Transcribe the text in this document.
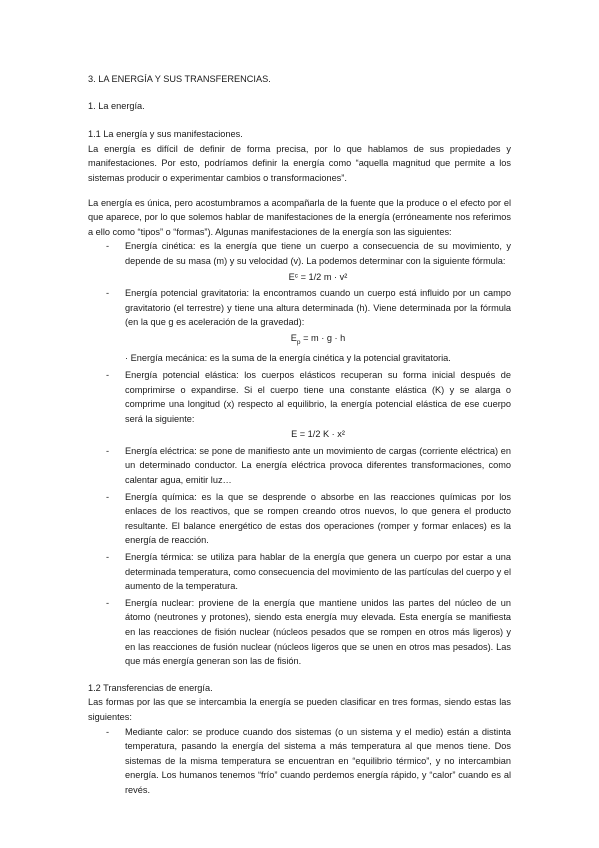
3. LA ENERGÍA Y SUS TRANSFERENCIAS.

1. La energía.

1.1 La energía y sus manifestaciones.

La energía es difícil de definir de forma precisa, por lo que hablamos de sus propiedades y manifestaciones. Por esto, podríamos definir la energía como “aquella magnitud que permite a los sistemas producir o experimentar cambios o transformaciones”.

La energía es única, pero acostumbramos a acompañarla de la fuente que la produce o el efecto por el que aparece, por lo que solemos hablar de manifestaciones de la energía (erróneamente nos referimos a ello como “tipos” o “formas”). Algunas manifestaciones de la energía son las siguientes:

- Energía cinética: es la energía que tiene un cuerpo a consecuencia de su movimiento, y depende de su masa (m) y su velocidad (v). La podemos determinar con la siguiente fórmula:
Eᶜ = 1/2 m · v²
- Energía potencial gravitatoria: la encontramos cuando un cuerpo está influido por un campo gravitatorio (el terrestre) y tiene una altura determinada (h). Viene determinada por la fórmula (en la que g es aceleración de la gravedad):
$E_p = m \cdot g \cdot h$
· Energía mecánica: es la suma de la energía cinética y la potencial gravitatoria.
- Energía potencial elástica: los cuerpos elásticos recuperan su forma inicial después de comprimirse o expandirse. Si el cuerpo tiene una constante elástica (K) y se alarga o comprime una longitud (x) respecto al equilibrio, la energía potencial elástica de ese cuerpo será la siguiente:
E = 1/2 K · x²
- Energía eléctrica: se pone de manifiesto ante un movimiento de cargas (corriente eléctrica) en un determinado conductor. La energía eléctrica provoca diferentes transformaciones, como calentar agua, emitir luz…
- Energía química: es la que se desprende o absorbe en las reacciones químicas por los enlaces de los reactivos, que se rompen creando otros nuevos, lo que genera el producto resultante. El balance energético de estas dos operaciones (romper y formar enlaces) es la energía de reacción.
- Energía térmica: se utiliza para hablar de la energía que genera un cuerpo por estar a una determinada temperatura, como consecuencia del movimiento de las partículas del cuerpo y el aumento de la temperatura.
- Energía nuclear: proviene de la energía que mantiene unidos las partes del núcleo de un átomo (neutrones y protones), siendo esta energía muy elevada. Esta energía se manifiesta en las reacciones de fisión nuclear (núcleos pesados que se rompen en otros más ligeros) y en las reacciones de fusión nuclear (núcleos ligeros que se unen en otros mas pesados). Las que más energía generan son las de fisión.

1.2 Transferencias de energía.

Las formas por las que se intercambia la energía se pueden clasificar en tres formas, siendo estas las siguientes:

- Mediante calor: se produce cuando dos sistemas (o un sistema y el medio) están a distinta temperatura, pasando la energía del sistema a más temperatura al que menos tiene. Dos sistemas de la misma temperatura se encuentran en “equilibrio térmico”, y no intercambian energía. Los humanos tenemos “frío” cuando perdemos energía rápido, y “calor” cuando es al revés.
